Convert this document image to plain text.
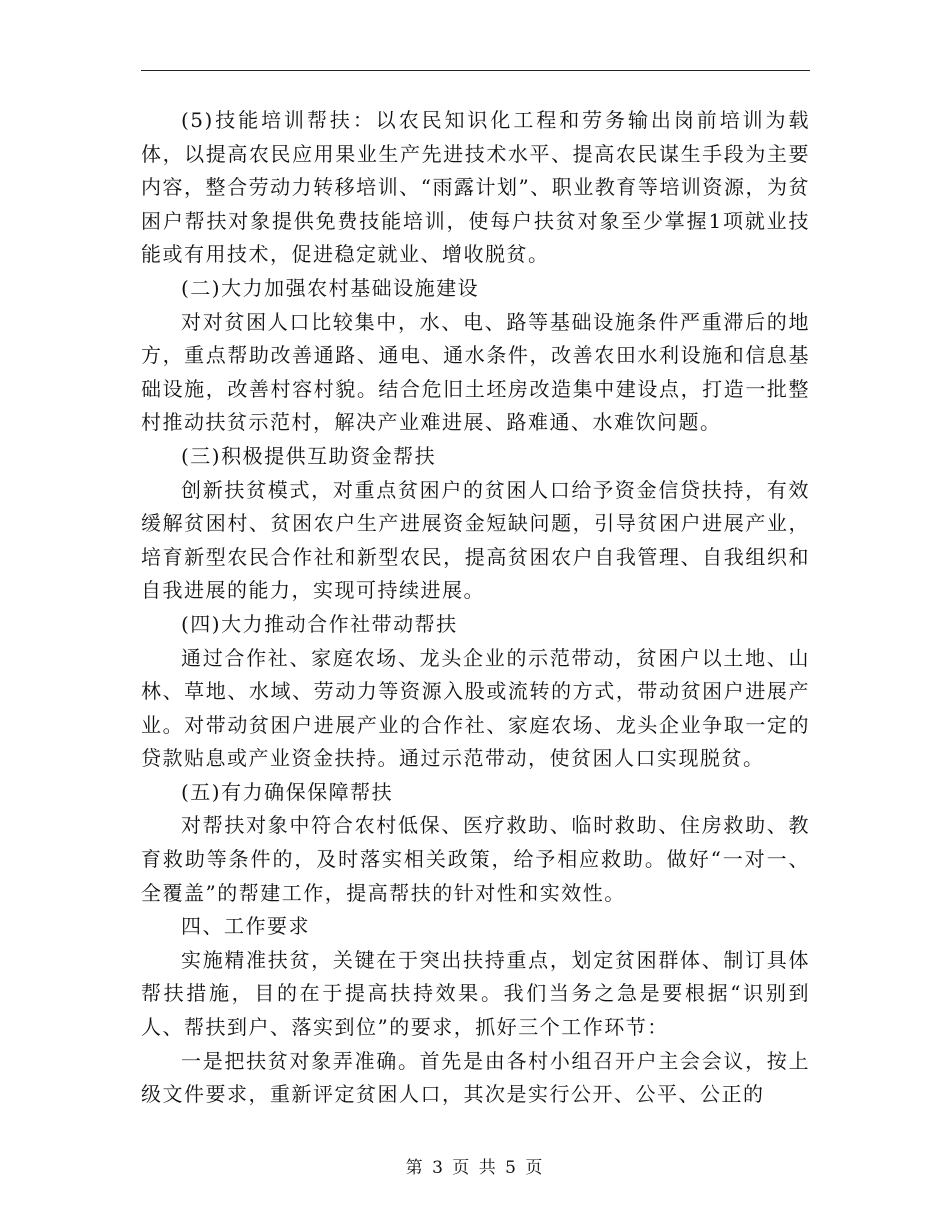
(5)技能培训帮扶：以农民知识化工程和劳务输出岗前培训为载体，以提高农民应用果业生产先进技术水平、提高农民谋生手段为主要内容，整合劳动力转移培训、“雨露计划”、职业教育等培训资源，为贫困户帮扶对象提供免费技能培训，使每户扶贫对象至少掌握1项就业技能或有用技术，促进稳定就业、增收脱贫。

(二)大力加强农村基础设施建设

对对贫困人口比较集中，水、电、路等基础设施条件严重滞后的地方，重点帮助改善通路、通电、通水条件，改善农田水利设施和信息基础设施，改善村容村貌。结合危旧土坯房改造集中建设点，打造一批整村推动扶贫示范村，解决产业难进展、路难通、水难饮问题。

(三)积极提供互助资金帮扶

创新扶贫模式，对重点贫困户的贫困人口给予资金信贷扶持，有效缓解贫困村、贫困农户生产进展资金短缺问题，引导贫困户进展产业，培育新型农民合作社和新型农民，提高贫困农户自我管理、自我组织和自我进展的能力，实现可持续进展。

(四)大力推动合作社带动帮扶

通过合作社、家庭农场、龙头企业的示范带动，贫困户以土地、山林、草地、水域、劳动力等资源入股或流转的方式，带动贫困户进展产业。对带动贫困户进展产业的合作社、家庭农场、龙头企业争取一定的贷款贴息或产业资金扶持。通过示范带动，使贫困人口实现脱贫。

(五)有力确保保障帮扶

对帮扶对象中符合农村低保、医疗救助、临时救助、住房救助、教育救助等条件的，及时落实相关政策，给予相应救助。做好“一对一、全覆盖”的帮建工作，提高帮扶的针对性和实效性。

四、工作要求

实施精准扶贫，关键在于突出扶持重点，划定贫困群体、制订具体帮扶措施，目的在于提高扶持效果。我们当务之急是要根据“识别到人、帮扶到户、落实到位”的要求，抓好三个工作环节：

一是把扶贫对象弄准确。首先是由各村小组召开户主会会议，按上级文件要求，重新评定贫困人口，其次是实行公开、公平、公正的

第 3 页 共 5 页
